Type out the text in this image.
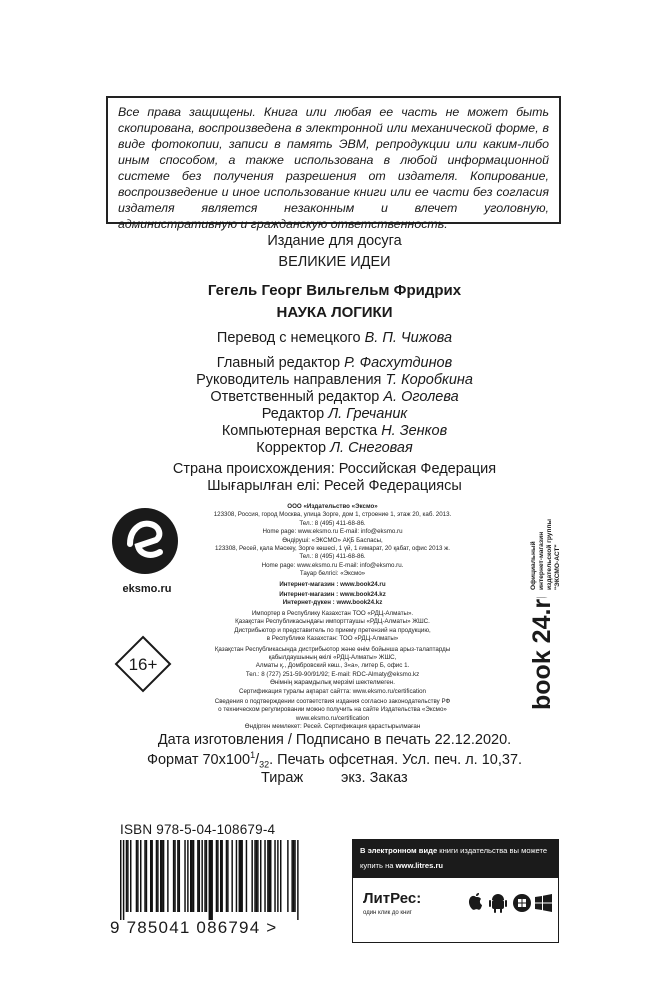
Все права защищены. Книга или любая ее часть не может быть скопирована, воспроизведена в электронной или механической форме, в виде фотокопии, записи в память ЭВМ, репродукции или каким-либо иным способом, а также использована в любой информационной системе без получения разрешения от издателя. Копирование, воспроизведение и иное использование книги или ее части без согласия издателя является незаконным и влечет уголовную, административную и гражданскую ответственность.
Издание для досуга
ВЕЛИКИЕ ИДЕИ
Гегель Георг Вильгельм Фридрих
НАУКА ЛОГИКИ
Перевод с немецкого В. П. Чижова
Главный редактор Р. Фасхутдинов
Руководитель направления Т. Коробкина
Ответственный редактор А. Оголева
Редактор Л. Гречаник
Компьютерная верстка Н. Зенков
Корректор Л. Снеговая
Страна происхождения: Российская Федерация
Шығарылған елі: Ресей Федерациясы
eksmo.ru
16+
ООО «Издательство «Эксмо»
123308, Россия, город Москва, улица Зорге, дом 1, строение 1, этаж 20, каб. 2013.
Тел.: 8 (495) 411-68-86.
Home page: www.eksmo.ru E-mail: info@eksmo.ru
Өндіруші: «ЭКСМО» АҚБ Баспасы,
123308, Ресей, қала Мәскеу, Зорге көшесі, 1 үй, 1 ғимарат, 20 қабат, офис 2013 ж.
Тел.: 8 (495) 411-68-86.
Home page: www.eksmo.ru E-mail: info@eksmo.ru.
Тауар белгісі: «Эксмо»
Интернет-магазин : www.book24.ru
Интернет-магазин : www.book24.kz
Интернет-дүкен : www.book24.kz
Импортер в Республику Казахстан ТОО «РДЦ-Алматы».
Қазақстан Республикасындағы импорттаушы «РДЦ-Алматы» ЖШС.
Дистрибьютор и представитель по приему претензий на продукцию,
в Республике Казахстан: ТОО «РДЦ-Алматы»
Қазақстан Республикасында дистрибьютор және өнім бойынша арыз-талаптарды
қабылдаушының өкілі «РДЦ-Алматы» ЖШС,
Алматы қ., Домбровский көш., 3«а», литер Б, офис 1.
Тел.: 8 (727) 251-59-90/91/92; E-mail: RDC-Almaty@eksmo.kz
Өнімнің жарамдылық мерзімі шектелмеген.
Сертификация туралы ақпарат сайтта: www.eksmo.ru/certification
Сведения о подтверждении соответствия издания согласно законодательству РФ
о техническом регулировании можно получить на сайте Издательства «Эксмо»
www.eksmo.ru/certification
Өндірген мемлекет: Ресей. Сертификация қарастырылмаған
Официальный интернет-магазин издательской группы "ЭКСМО-АСТ"
book 24.ru
Дата изготовления / Подписано в печать 22.12.2020.
Формат $70х100^1/_{32}$. Печать офсетная. Усл. печ. л. 10,37.
Тираж	экз. Заказ
ISBN 978-5-04-108679-4
9 785041 086794 >
В электронном виде книги издательства вы можете
купить на www.litres.ru
ЛитРес:
один клик до книг
